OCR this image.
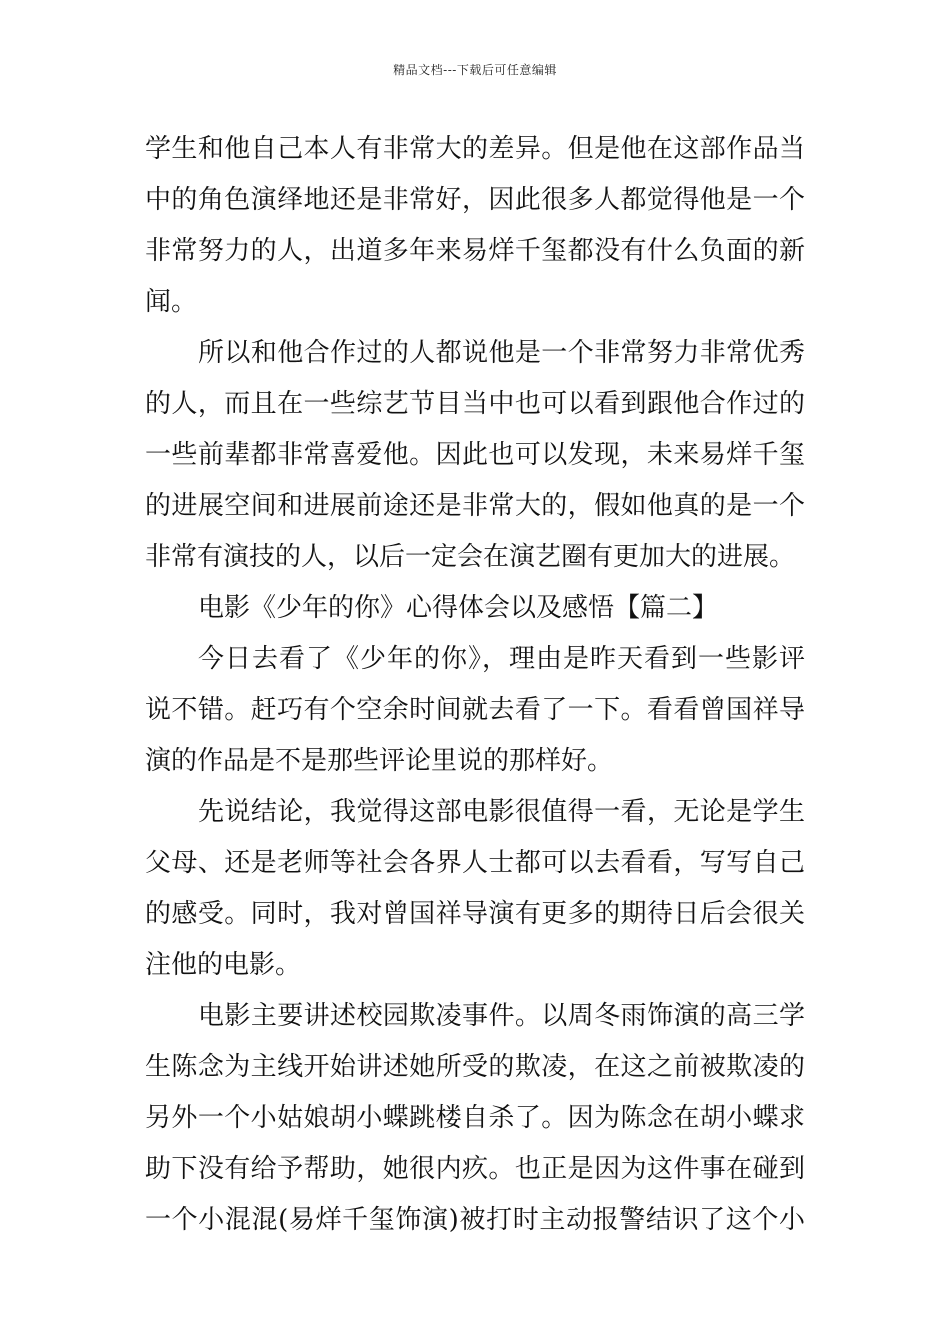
精品文档---下载后可任意编辑
学生和他自己本人有非常大的差异。但是他在这部作品当
中的角色演绎地还是非常好，因此很多人都觉得他是一个
非常努力的人，出道多年来易烊千玺都没有什么负面的新
闻。
所以和他合作过的人都说他是一个非常努力非常优秀
的人，而且在一些综艺节目当中也可以看到跟他合作过的
一些前辈都非常喜爱他。因此也可以发现，未来易烊千玺
的进展空间和进展前途还是非常大的，假如他真的是一个
非常有演技的人，以后一定会在演艺圈有更加大的进展。
电影《少年的你》心得体会以及感悟【篇二】
今日去看了《少年的你》，理由是昨天看到一些影评
说不错。赶巧有个空余时间就去看了一下。看看曾国祥导
演的作品是不是那些评论里说的那样好。
先说结论，我觉得这部电影很值得一看，无论是学生
父母、还是老师等社会各界人士都可以去看看，写写自己
的感受。同时，我对曾国祥导演有更多的期待日后会很关
注他的电影。
电影主要讲述校园欺凌事件。以周冬雨饰演的高三学
生陈念为主线开始讲述她所受的欺凌，在这之前被欺凌的
另外一个小姑娘胡小蝶跳楼自杀了。因为陈念在胡小蝶求
助下没有给予帮助，她很内疚。也正是因为这件事在碰到
一个小混混(易烊千玺饰演)被打时主动报警结识了这个小
